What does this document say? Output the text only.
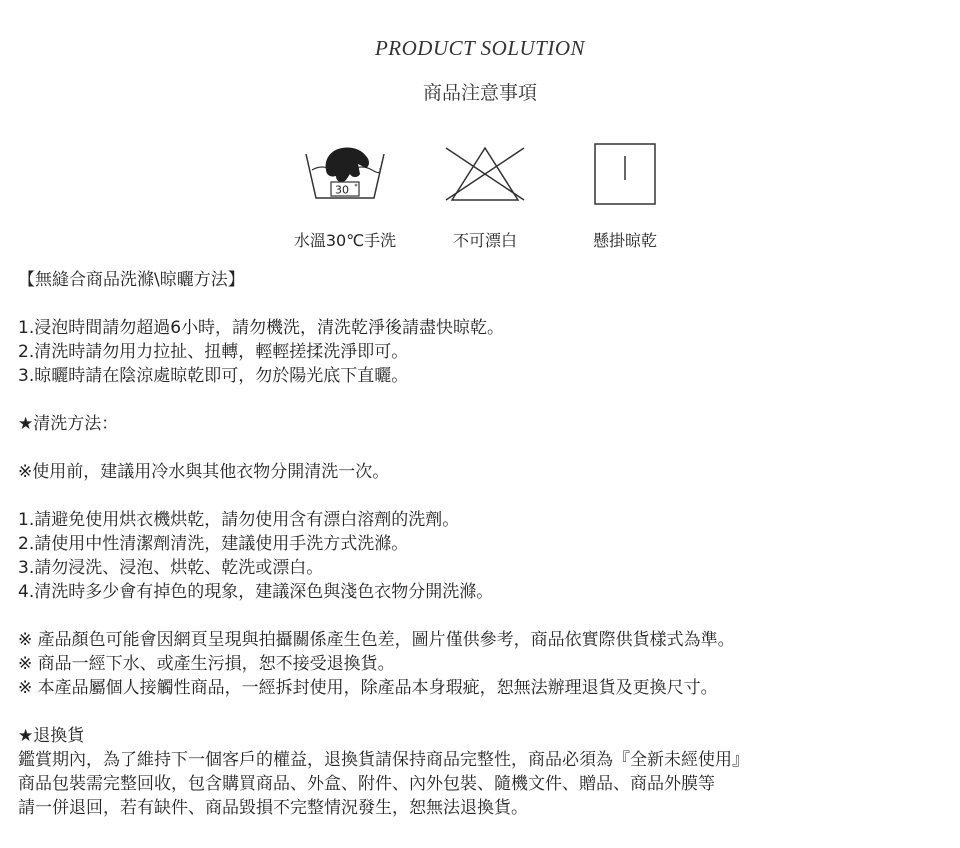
PRODUCT SOLUTION
商品注意事項
30
水溫30℃手洗	不可漂白	懸掛晾乾
【無縫合商品洗滌\晾曬方法】
1.浸泡時間請勿超過6小時，請勿機洗，清洗乾淨後請盡快晾乾。
2.清洗時請勿用力拉扯、扭轉，輕輕搓揉洗淨即可。
3.晾曬時請在陰涼處晾乾即可，勿於陽光底下直曬。
★清洗方法：
※使用前，建議用冷水與其他衣物分開清洗一次。
1.請避免使用烘衣機烘乾，請勿使用含有漂白溶劑的洗劑。
2.請使用中性清潔劑清洗，建議使用手洗方式洗滌。
3.請勿浸洗、浸泡、烘乾、乾洗或漂白。
4.清洗時多少會有掉色的現象，建議深色與淺色衣物分開洗滌。
※ 產品顏色可能會因網頁呈現與拍攝關係產生色差，圖片僅供參考，商品依實際供貨樣式為準。
※ 商品一經下水、或產生污損，恕不接受退換貨。
※ 本產品屬個人接觸性商品，一經拆封使用，除產品本身瑕疵，恕無法辦理退貨及更換尺寸。
★退換貨
鑑賞期內，為了維持下一個客戶的權益，退換貨請保持商品完整性，商品必須為『全新未經使用』
商品包裝需完整回收，包含購買商品、外盒、附件、內外包裝、隨機文件、贈品、商品外膜等
請一併退回，若有缺件、商品毀損不完整情況發生，恕無法退換貨。
